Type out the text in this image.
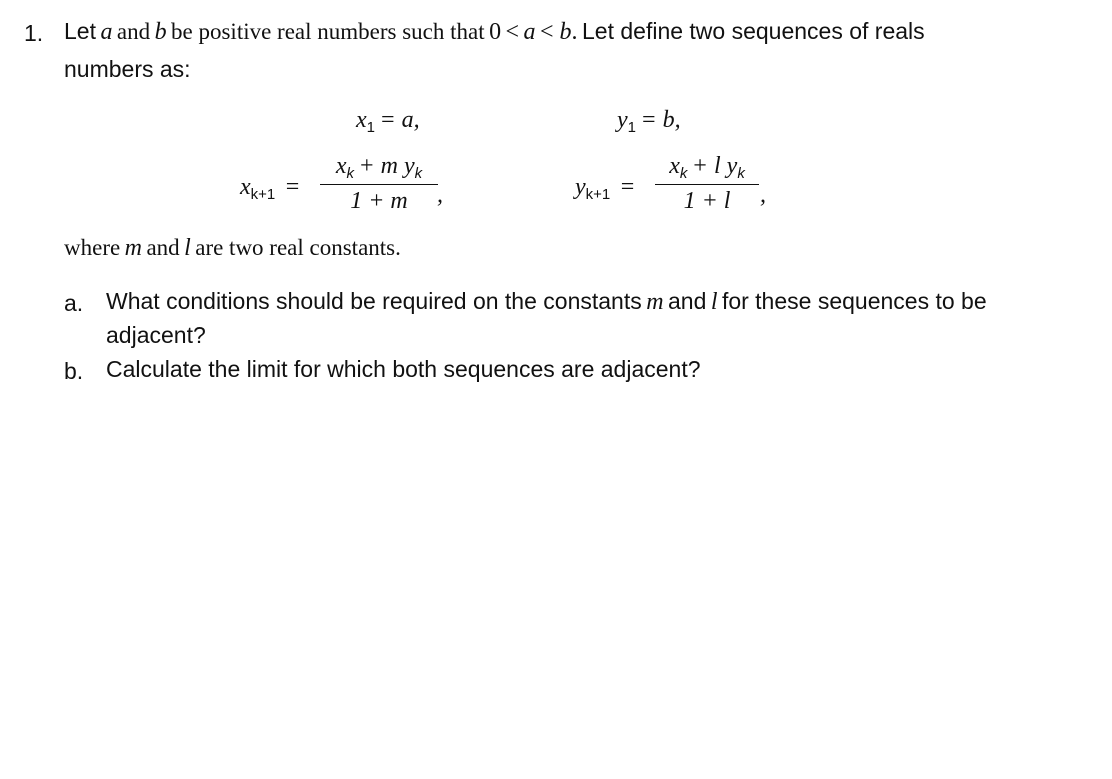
1. Let a and b be positive real numbers such that 0 < a < b. Let define two sequences of reals
numbers as:
$x_1 = a$,	$y_1 = b$,
$x_{k+1}$ =
$x_k + m$ $y_k$
1 + m	,	$y_{k+1}$ =
$x_k + l$ $y_k$
1 + l	,
where m and l are two real constants.
a. What conditions should be required on the constants m and l for these sequences to be
adjacent?
b. Calculate the limit for which both sequences are adjacent?
